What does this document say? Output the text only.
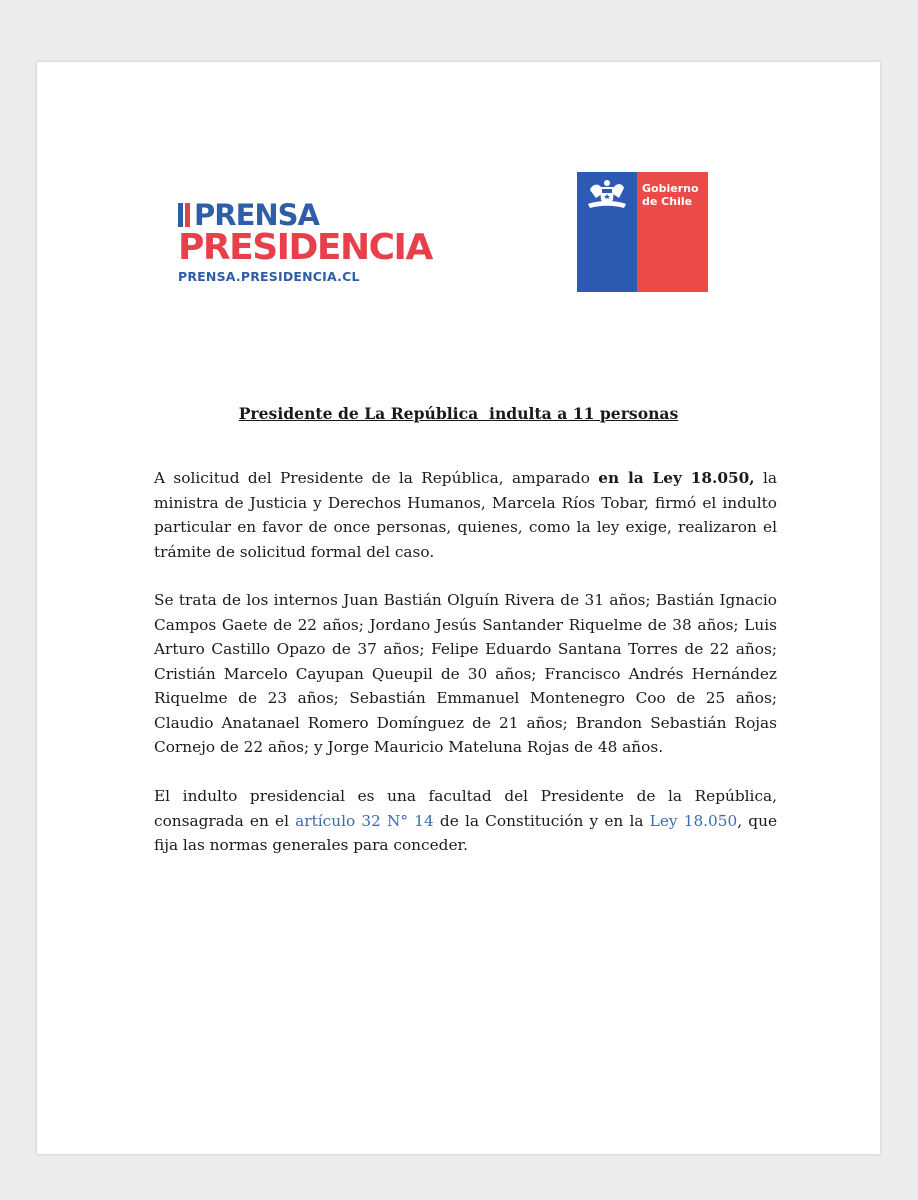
PRENSA
PRESIDENCIA
PRENSA.PRESIDENCIA.CL
Gobierno
de Chile
Presidente de La República  indulta a 11 personas
A solicitud del Presidente de la República, amparado en la Ley 18.050, la ministra de Justicia y Derechos Humanos, Marcela Ríos Tobar, firmó el indulto particular en favor de once personas, quienes, como la ley exige, realizaron el trámite de solicitud formal del caso.
Se trata de los internos Juan Bastián Olguín Rivera de 31 años; Bastián Ignacio Campos Gaete de 22 años; Jordano Jesús Santander Riquelme de 38 años; Luis Arturo Castillo Opazo de 37 años; Felipe Eduardo Santana Torres de 22 años; Cristián Marcelo Cayupan Queupil de 30 años; Francisco Andrés Hernández Riquelme de 23 años; Sebastián Emmanuel Montenegro Coo de 25 años; Claudio Anatanael Romero Domínguez de 21 años; Brandon Sebastián Rojas Cornejo de 22 años; y Jorge Mauricio Mateluna Rojas de 48 años.
El indulto presidencial es una facultad del Presidente de la República, consagrada en el artículo 32 N° 14 de la Constitución y en la Ley 18.050, que fija las normas generales para conceder.
